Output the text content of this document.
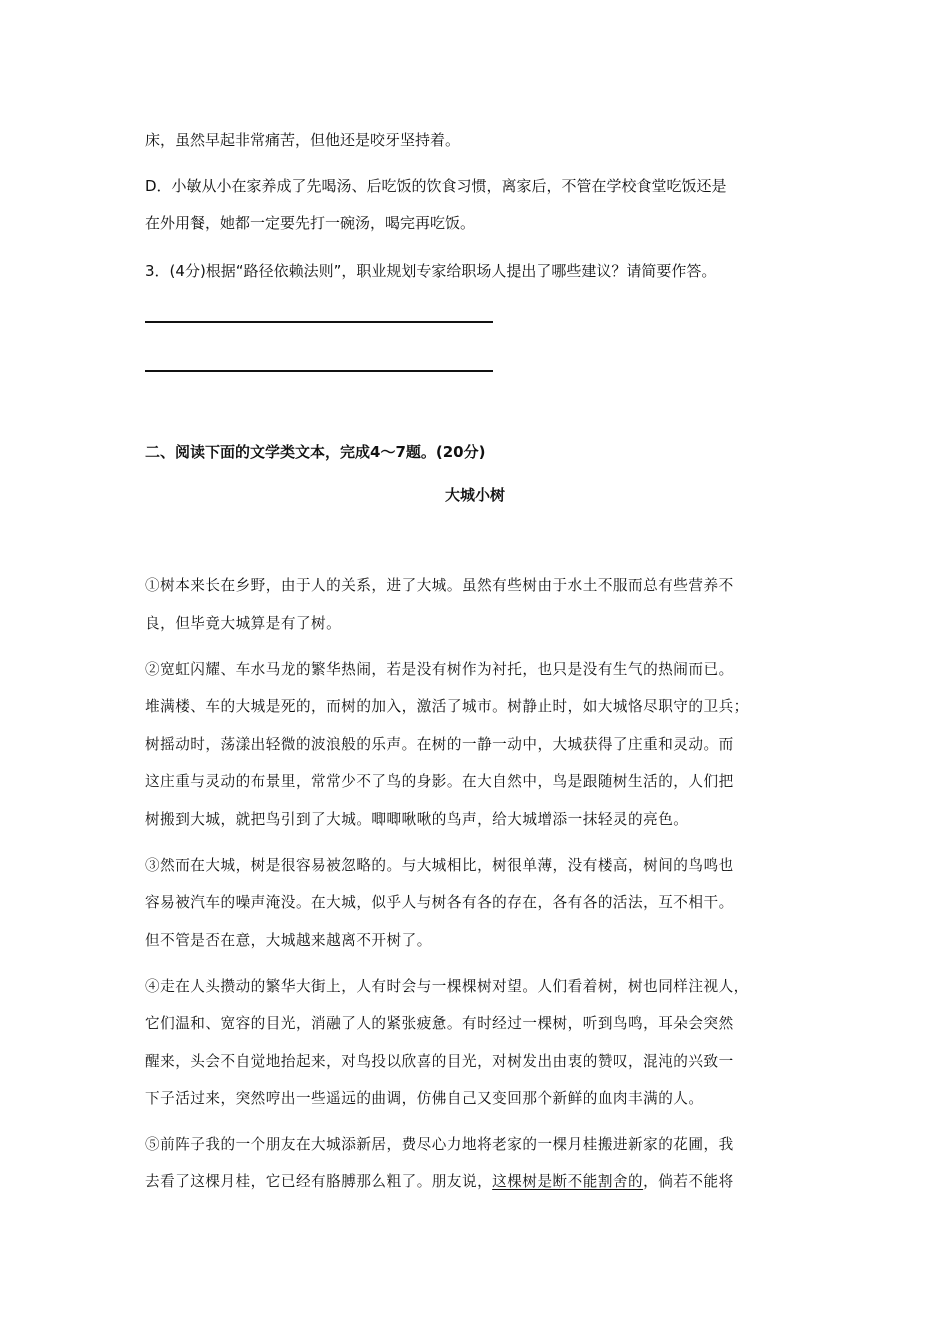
床，虽然早起非常痛苦，但他还是咬牙坚持着。
D．小敏从小在家养成了先喝汤、后吃饭的饮食习惯，离家后，不管在学校食堂吃饭还是
在外用餐，她都一定要先打一碗汤，喝完再吃饭。
3．(4分)根据“路径依赖法则”，职业规划专家给职场人提出了哪些建议？请简要作答。
二、阅读下面的文学类文本，完成4～7题。(20分)
大城小树
①树本来长在乡野，由于人的关系，进了大城。虽然有些树由于水土不服而总有些营养不
良，但毕竟大城算是有了树。
②宽虹闪耀、车水马龙的繁华热闹，若是没有树作为衬托，也只是没有生气的热闹而已。
堆满楼、车的大城是死的，而树的加入，激活了城市。树静止时，如大城恪尽职守的卫兵；
树摇动时，荡漾出轻微的波浪般的乐声。在树的一静一动中，大城获得了庄重和灵动。而
这庄重与灵动的布景里，常常少不了鸟的身影。在大自然中，鸟是跟随树生活的，人们把
树搬到大城，就把鸟引到了大城。唧唧啾啾的鸟声，给大城增添一抹轻灵的亮色。
③然而在大城，树是很容易被忽略的。与大城相比，树很单薄，没有楼高，树间的鸟鸣也
容易被汽车的噪声淹没。在大城，似乎人与树各有各的存在，各有各的活法，互不相干。
但不管是否在意，大城越来越离不开树了。
④走在人头攒动的繁华大街上，人有时会与一棵棵树对望。人们看着树，树也同样注视人，
它们温和、宽容的目光，消融了人的紧张疲惫。有时经过一棵树，听到鸟鸣，耳朵会突然
醒来，头会不自觉地抬起来，对鸟投以欣喜的目光，对树发出由衷的赞叹，混沌的兴致一
下子活过来，突然哼出一些遥远的曲调，仿佛自己又变回那个新鲜的血肉丰满的人。
⑤前阵子我的一个朋友在大城添新居，费尽心力地将老家的一棵月桂搬进新家的花圃，我
去看了这棵月桂，它已经有胳膊那么粗了。朋友说，这棵树是断不能割舍的，倘若不能将
